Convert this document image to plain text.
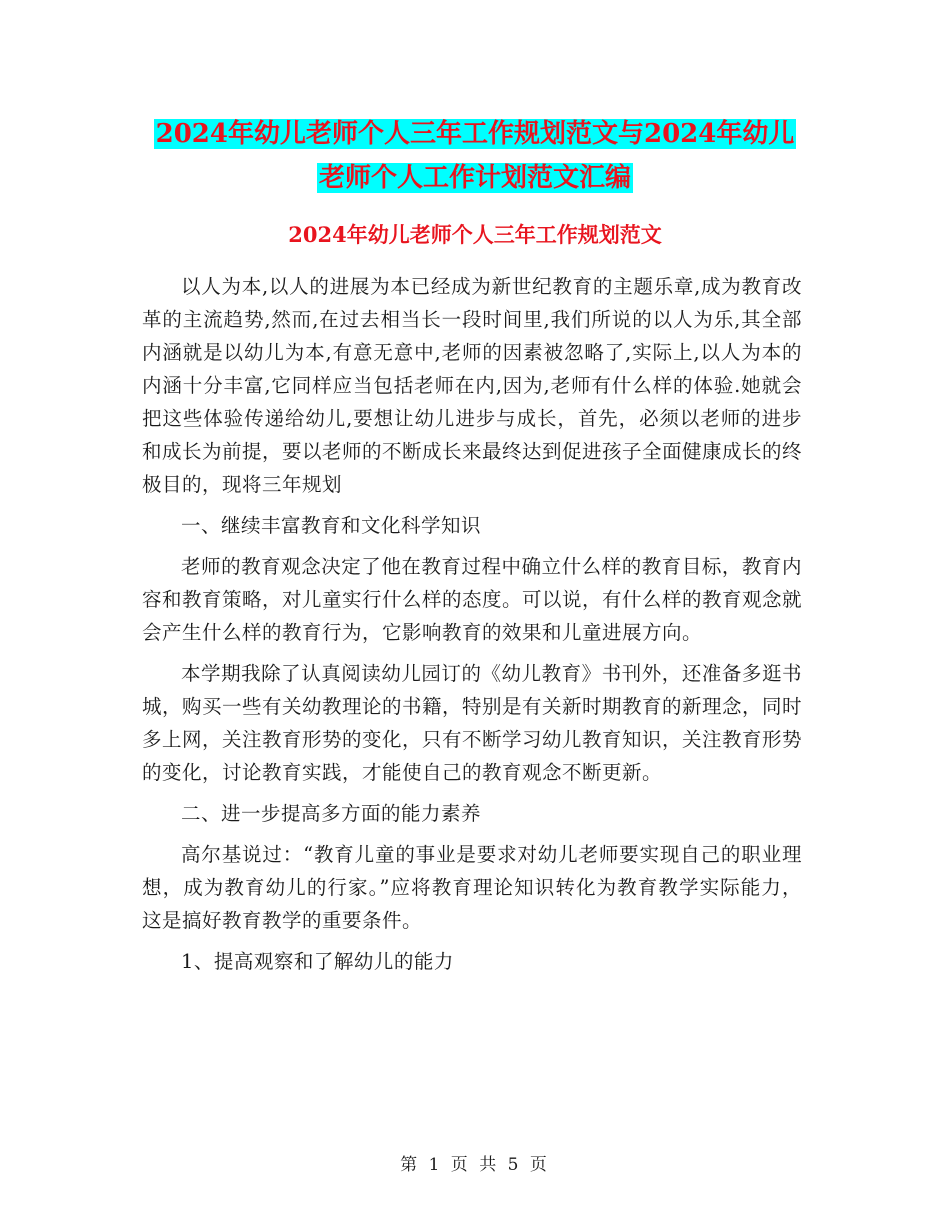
2024年幼儿老师个人三年工作规划范文与2024年幼儿
老师个人工作计划范文汇编
2024年幼儿老师个人三年工作规划范文

以人为本,以人的进展为本已经成为新世纪教育的主题乐章,成为教育改革的主流趋势,然而,在过去相当长一段时间里,我们所说的以人为乐,其全部内涵就是以幼儿为本,有意无意中,老师的因素被忽略了,实际上,以人为本的内涵十分丰富,它同样应当包括老师在内,因为,老师有什么样的体验.她就会把这些体验传递给幼儿,要想让幼儿进步与成长，首先，必须以老师的进步和成长为前提，要以老师的不断成长来最终达到促进孩子全面健康成长的终极目的，现将三年规划

一、继续丰富教育和文化科学知识

老师的教育观念决定了他在教育过程中确立什么样的教育目标，教育内容和教育策略，对儿童实行什么样的态度。可以说，有什么样的教育观念就会产生什么样的教育行为，它影响教育的效果和儿童进展方向。

本学期我除了认真阅读幼儿园订的《幼儿教育》书刊外，还准备多逛书城，购买一些有关幼教理论的书籍，特别是有关新时期教育的新理念，同时多上网，关注教育形势的变化，只有不断学习幼儿教育知识，关注教育形势的变化，讨论教育实践，才能使自己的教育观念不断更新。

二、进一步提高多方面的能力素养

高尔基说过：“教育儿童的事业是要求对幼儿老师要实现自己的职业理想，成为教育幼儿的行家。”应将教育理论知识转化为教育教学实际能力，这是搞好教育教学的重要条件。

1、提高观察和了解幼儿的能力

第 1 页 共 5 页
